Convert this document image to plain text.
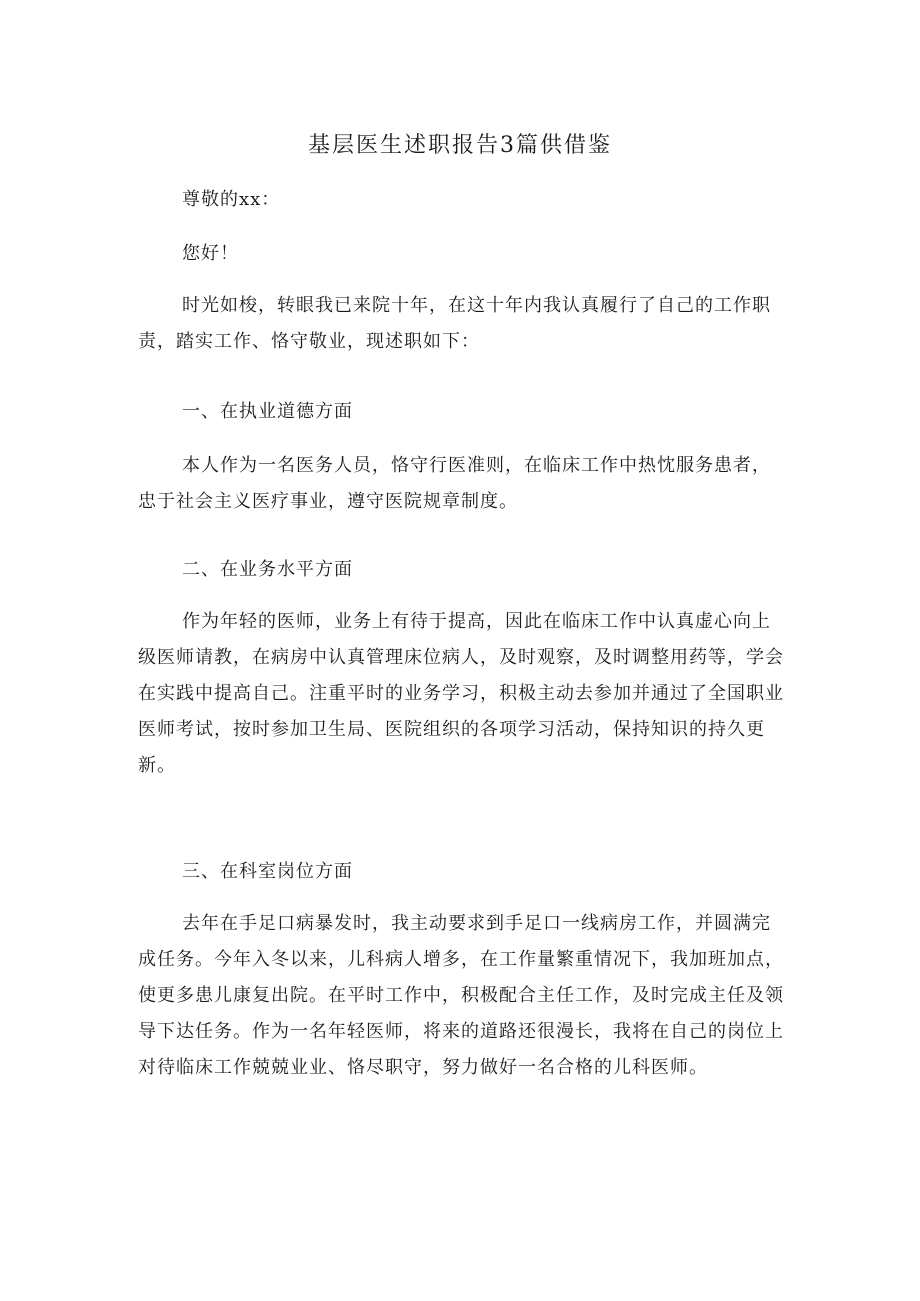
基层医生述职报告3篇供借鉴

尊敬的xx：

您好！

时光如梭，转眼我已来院十年，在这十年内我认真履行了自己的工作职责，踏实工作、恪守敬业，现述职如下：

一、在执业道德方面

本人作为一名医务人员，恪守行医准则，在临床工作中热忱服务患者，忠于社会主义医疗事业，遵守医院规章制度。

二、在业务水平方面

作为年轻的医师，业务上有待于提高，因此在临床工作中认真虚心向上级医师请教，在病房中认真管理床位病人，及时观察，及时调整用药等，学会在实践中提高自己。注重平时的业务学习，积极主动去参加并通过了全国职业医师考试，按时参加卫生局、医院组织的各项学习活动，保持知识的持久更新。

三、在科室岗位方面

去年在手足口病暴发时，我主动要求到手足口一线病房工作，并圆满完成任务。今年入冬以来，儿科病人增多，在工作量繁重情况下，我加班加点，使更多患儿康复出院。在平时工作中，积极配合主任工作，及时完成主任及领导下达任务。作为一名年轻医师，将来的道路还很漫长，我将在自己的岗位上对待临床工作兢兢业业、恪尽职守，努力做好一名合格的儿科医师。
